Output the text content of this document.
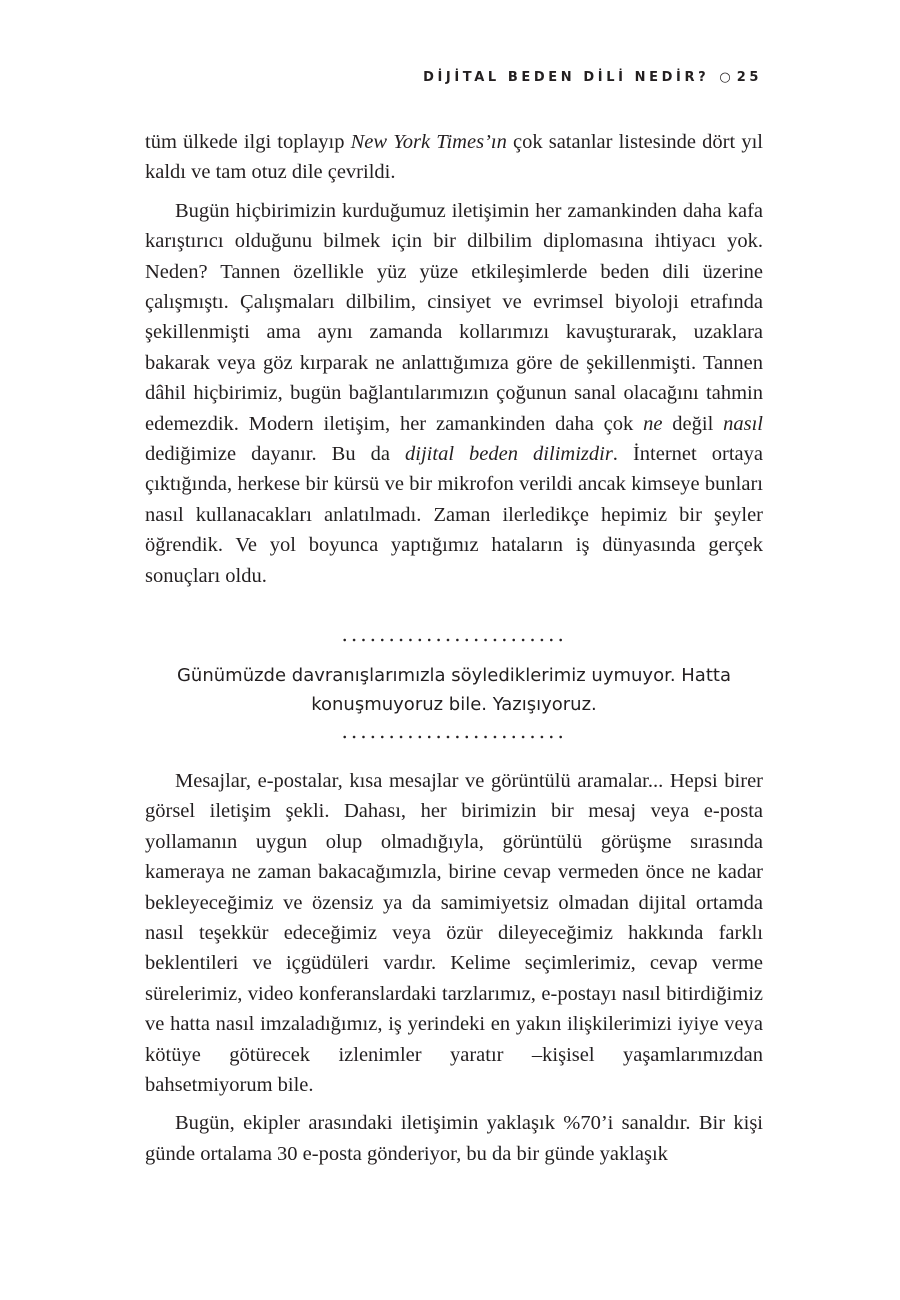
DİJİTAL BEDEN DİLİ NEDİR? ○ 25

tüm ülkede ilgi toplayıp New York Times’ın çok satanlar listesinde dört yıl kaldı ve tam otuz dile çevrildi.

Bugün hiçbirimizin kurduğumuz iletişimin her zamankinden daha kafa karıştırıcı olduğunu bilmek için bir dilbilim diplomasına ihtiyacı yok. Neden? Tannen özellikle yüz yüze etkileşimlerde beden dili üzerine çalışmıştı. Çalışmaları dilbilim, cinsiyet ve evrimsel biyoloji etrafında şekillenmişti ama aynı zamanda kollarımızı kavuşturarak, uzaklara bakarak veya göz kırparak ne anlattığımıza göre de şekillenmişti. Tannen dâhil hiçbirimiz, bugün bağlantılarımızın çoğunun sanal olacağını tahmin edemezdik. Modern iletişim, her zamankinden daha çok ne değil nasıl dediğimize dayanır. Bu da dijital beden dilimizdir. İnternet ortaya çıktığında, herkese bir kürsü ve bir mikrofon verildi ancak kimseye bunları nasıl kullanacakları anlatılmadı. Zaman ilerledikçe hepimiz bir şeyler öğrendik. Ve yol boyunca yaptığımız hataların iş dünyasında gerçek sonuçları oldu.

Günümüzde davranışlarımızla söylediklerimiz uymuyor. Hatta
konuşmuyoruz bile. Yazışıyoruz.

Mesajlar, e-postalar, kısa mesajlar ve görüntülü aramalar... Hepsi birer görsel iletişim şekli. Dahası, her birimizin bir mesaj veya e-posta yollamanın uygun olup olmadığıyla, görüntülü görüşme sırasında kameraya ne zaman bakacağımızla, birine cevap vermeden önce ne kadar bekleyeceğimiz ve özensiz ya da samimiyetsiz olmadan dijital ortamda nasıl teşekkür edeceğimiz veya özür dileyeceğimiz hakkında farklı beklentileri ve içgüdüleri vardır. Kelime seçimlerimiz, cevap verme sürelerimiz, video konferanslardaki tarzlarımız, e-postayı nasıl bitirdiğimiz ve hatta nasıl imzaladığımız, iş yerindeki en yakın ilişkilerimizi iyiye veya kötüye götürecek izlenimler yaratır –kişisel yaşamlarımızdan bahsetmiyorum bile.

Bugün, ekipler arasındaki iletişimin yaklaşık %70’i sanaldır. Bir kişi günde ortalama 30 e-posta gönderiyor, bu da bir günde yaklaşık
